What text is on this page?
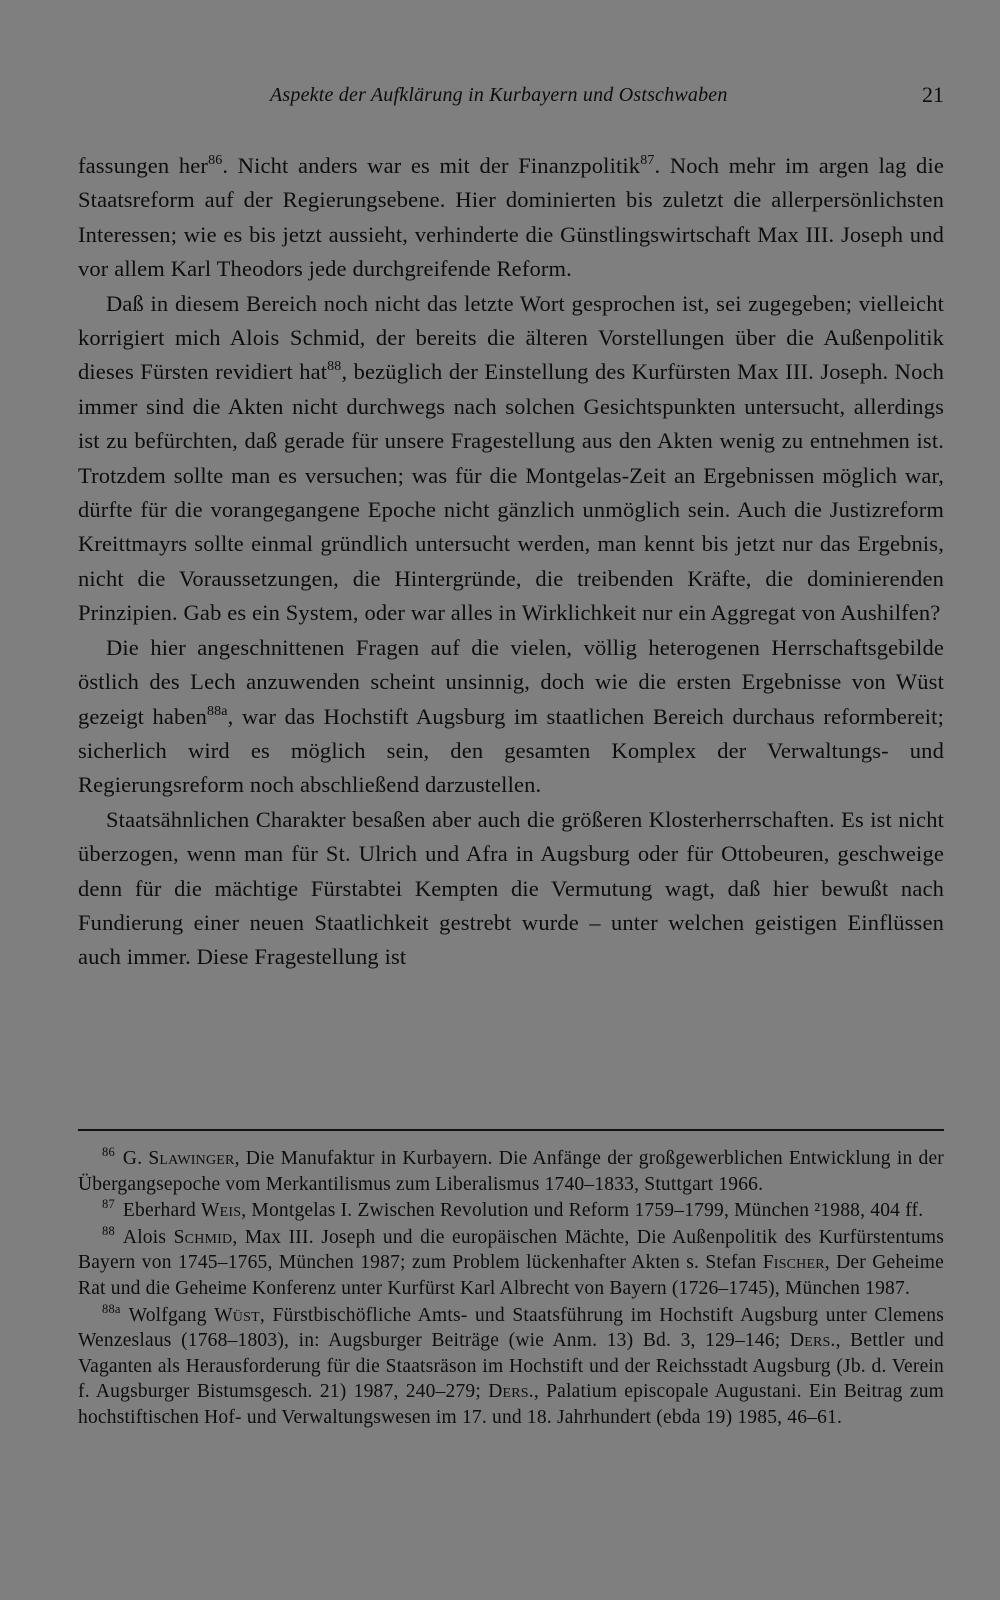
Aspekte der Aufklärung in Kurbayern und Ostschwaben	21

fassungen her$^{86}$. Nicht anders war es mit der Finanzpolitik$^{87}$. Noch mehr im argen lag die Staatsreform auf der Regierungsebene. Hier dominierten bis zuletzt die allerpersönlichsten Interessen; wie es bis jetzt aussieht, verhinderte die Günstlingswirtschaft Max III. Joseph und vor allem Karl Theodors jede durchgreifende Reform.

Daß in diesem Bereich noch nicht das letzte Wort gesprochen ist, sei zugegeben; vielleicht korrigiert mich Alois Schmid, der bereits die älteren Vorstellungen über die Außenpolitik dieses Fürsten revidiert hat$^{88}$, bezüglich der Einstellung des Kurfürsten Max III. Joseph. Noch immer sind die Akten nicht durchwegs nach solchen Gesichtspunkten untersucht, allerdings ist zu befürchten, daß gerade für unsere Fragestellung aus den Akten wenig zu entnehmen ist. Trotzdem sollte man es versuchen; was für die Montgelas-Zeit an Ergebnissen möglich war, dürfte für die vorangegangene Epoche nicht gänzlich unmöglich sein. Auch die Justizreform Kreittmayrs sollte einmal gründlich untersucht werden, man kennt bis jetzt nur das Ergebnis, nicht die Voraussetzungen, die Hintergründe, die treibenden Kräfte, die dominierenden Prinzipien. Gab es ein System, oder war alles in Wirklichkeit nur ein Aggregat von Aushilfen?

Die hier angeschnittenen Fragen auf die vielen, völlig heterogenen Herrschaftsgebilde östlich des Lech anzuwenden scheint unsinnig, doch wie die ersten Ergebnisse von Wüst gezeigt haben$^{88a}$, war das Hochstift Augsburg im staatlichen Bereich durchaus reformbereit; sicherlich wird es möglich sein, den gesamten Komplex der Verwaltungs- und Regierungsreform noch abschließend darzustellen.

Staatsähnlichen Charakter besaßen aber auch die größeren Klosterherrschaften. Es ist nicht überzogen, wenn man für St. Ulrich und Afra in Augsburg oder für Ottobeuren, geschweige denn für die mächtige Fürstabtei Kempten die Vermutung wagt, daß hier bewußt nach Fundierung einer neuen Staatlichkeit gestrebt wurde – unter welchen geistigen Einflüssen auch immer. Diese Fragestellung ist

$^{86}$ G. Slawinger, Die Manufaktur in Kurbayern. Die Anfänge der großgewerblichen Entwicklung in der Übergangsepoche vom Merkantilismus zum Liberalismus 1740–1833, Stuttgart 1966.

$^{87}$ Eberhard Weis, Montgelas I. Zwischen Revolution und Reform 1759–1799, München ²1988, 404 ff.

$^{88}$ Alois Schmid, Max III. Joseph und die europäischen Mächte, Die Außenpolitik des Kurfürstentums Bayern von 1745–1765, München 1987; zum Problem lückenhafter Akten s. Stefan Fischer, Der Geheime Rat und die Geheime Konferenz unter Kurfürst Karl Albrecht von Bayern (1726–1745), München 1987.

$^{88a}$ Wolfgang Wüst, Fürstbischöfliche Amts- und Staatsführung im Hochstift Augsburg unter Clemens Wenzeslaus (1768–1803), in: Augsburger Beiträge (wie Anm. 13) Bd. 3, 129–146; Ders., Bettler und Vaganten als Herausforderung für die Staatsräson im Hochstift und der Reichsstadt Augsburg (Jb. d. Verein f. Augsburger Bistumsgesch. 21) 1987, 240–279; Ders., Palatium episcopale Augustani. Ein Beitrag zum hochstiftischen Hof- und Verwaltungswesen im 17. und 18. Jahrhundert (ebda 19) 1985, 46–61.
